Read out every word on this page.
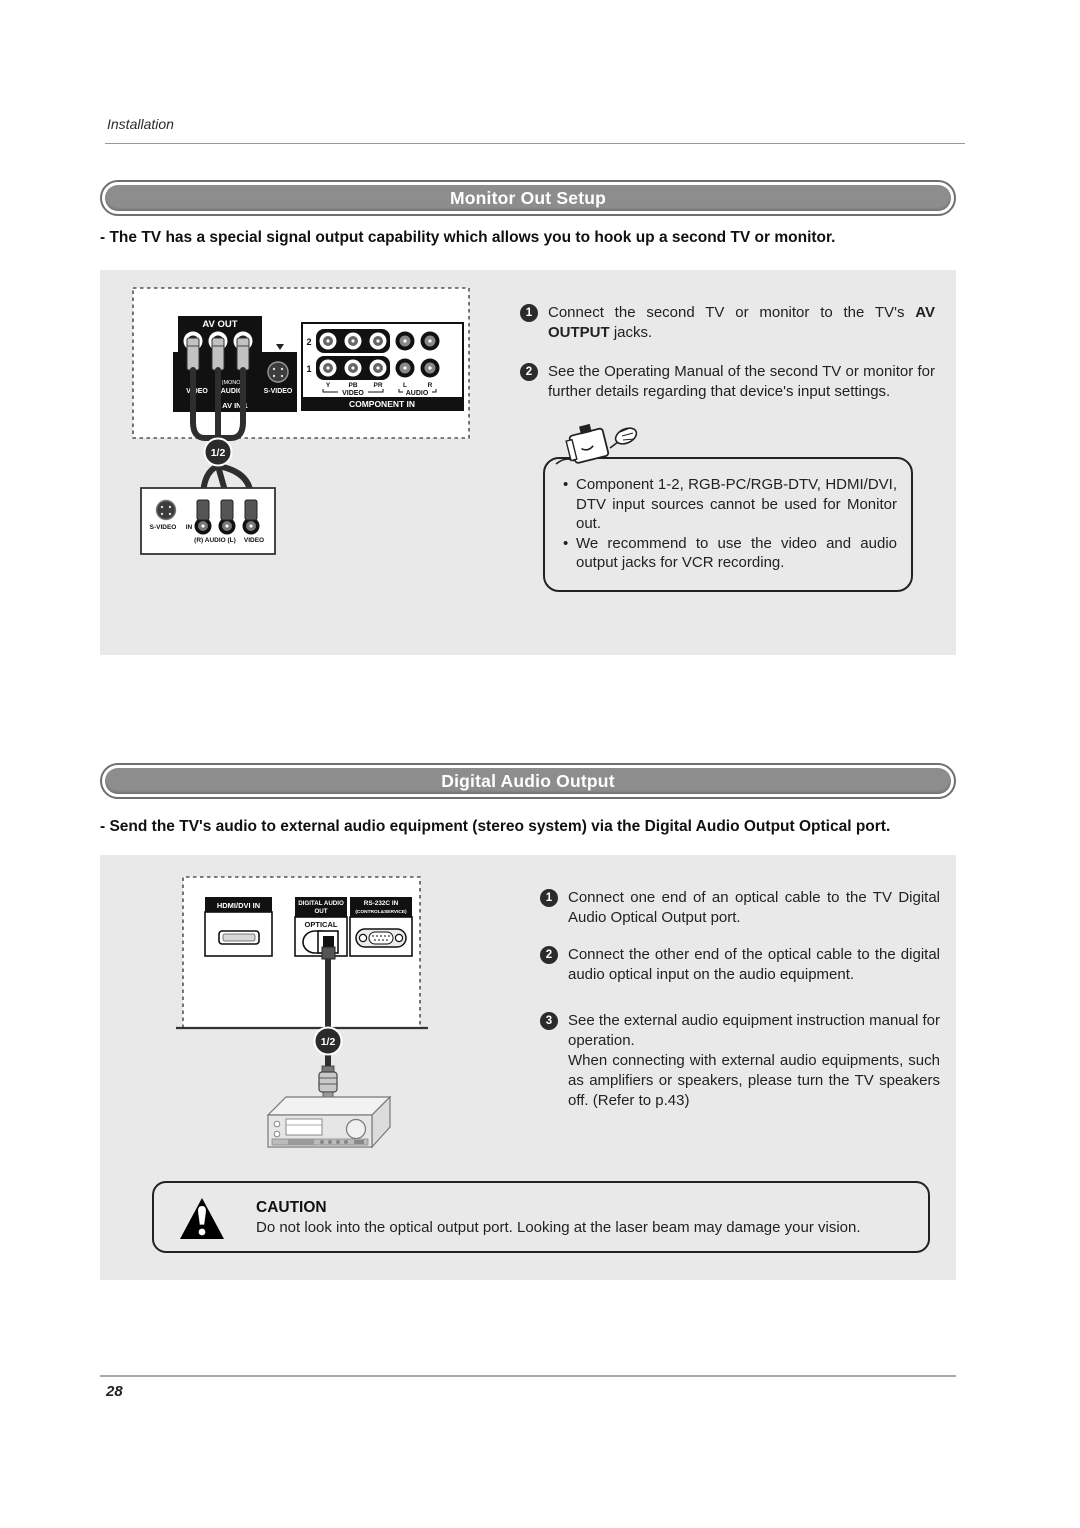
Installation
Monitor Out Setup
- The TV has a special signal output capability which allows you to hook up a second TV or monitor.
AV OUT
(MONO)
VIDEO AUDIO	S-VIDEO
AV IN 1
1/2
2
1
Y	PB PR	L	R
VIDEO	AUDIO
COMPONENT IN
S-VIDEO IN
(R) AUDIO (L) VIDEO
1	Connect the second TV or monitor to the TV's AV OUTPUT jacks.
2	See the Operating Manual of the second TV or monitor for further details regarding that device's input settings.
• Component 1-2, RGB-PC/RGB-DTV, HDMI/DVI, DTV input sources cannot be used for Monitor out.
• We recommend to use the video and audio output jacks for VCR recording.
Digital Audio Output
- Send the TV's audio to external audio equipment (stereo system) via the Digital Audio Output Optical port.
HDMI/DVI IN	DIGITAL AUDIO
OUT
OPTICAL
RS-232C IN
(CONTROL&SERVICE)
1/2
1	Connect one end of an optical cable to the TV Digital Audio Optical Output port.
2	Connect the other end of the optical cable to the digital audio optical input on the audio equipment.
3	See the external audio equipment instruction manual for operation.
When connecting with external audio equipments, such as amplifiers or speakers, please turn the TV speakers off. (Refer to p.43)
CAUTION
Do not look into the optical output port. Looking at the laser beam may damage your vision.
28
